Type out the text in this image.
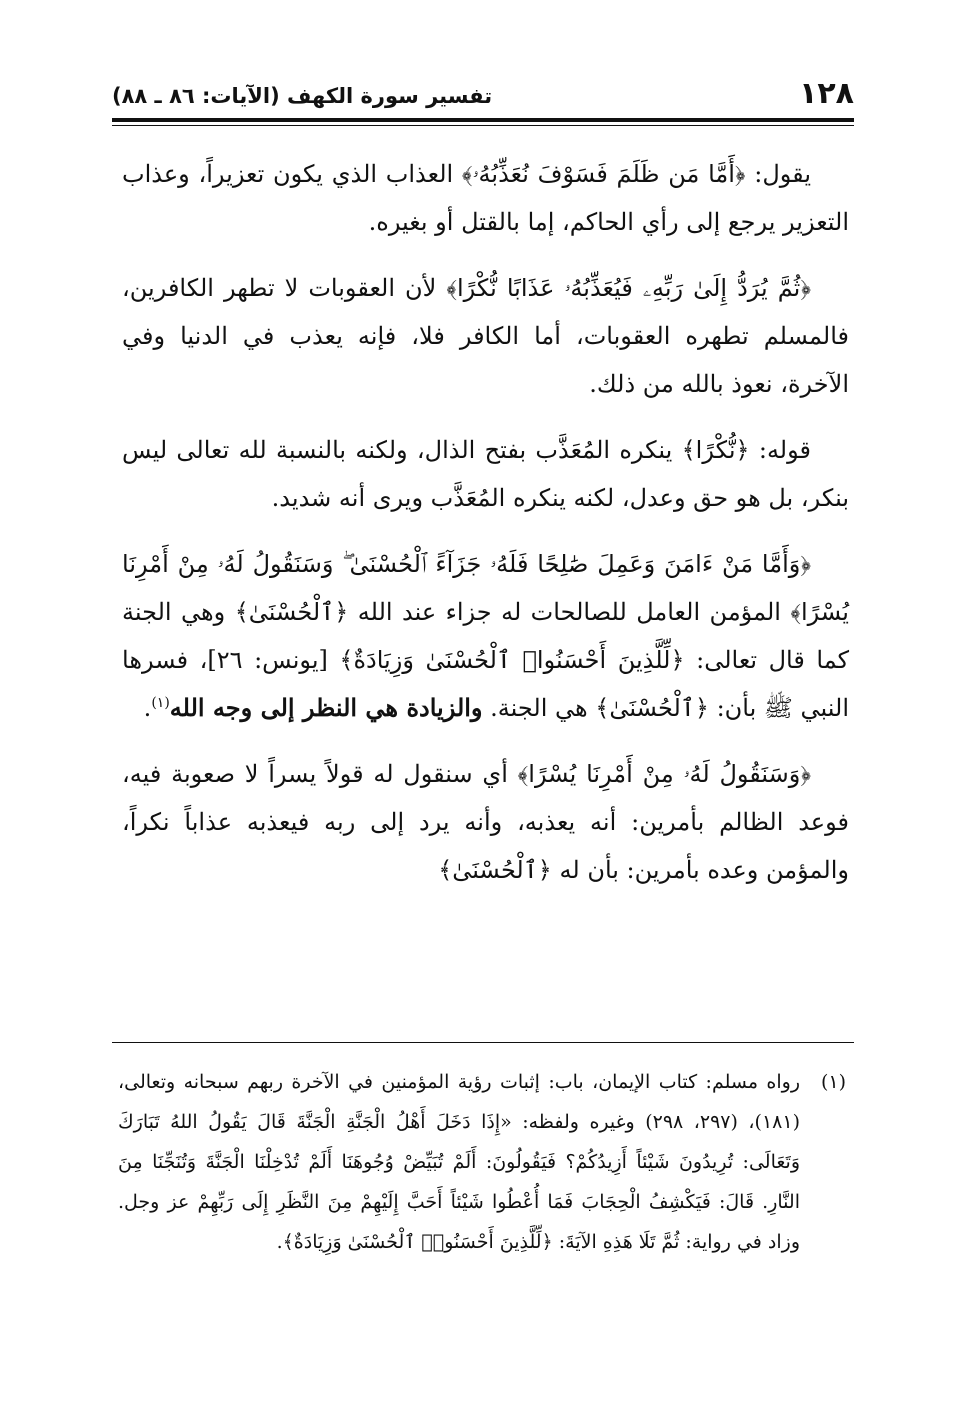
١٢٨
تفسير سورة الكهف (الآيات: ٨٦ ـ ٨٨)

يقول: ﴿أَمَّا مَن ظَلَمَ فَسَوْفَ نُعَذِّبُهُۥ﴾ العذاب الذي يكون تعزيراً، وعذاب التعزير يرجع إلى رأي الحاكم، إما بالقتل أو بغيره.

﴿ثُمَّ يُرَدُّ إِلَىٰ رَبِّهِۦ فَيُعَذِّبُهُۥ عَذَابًا نُّكْرًا﴾ لأن العقوبات لا تطهر الكافرين، فالمسلم تطهره العقوبات، أما الكافر فلا، فإنه يعذب في الدنيا وفي الآخرة، نعوذ بالله من ذلك.

قوله: ﴿نُّكْرًا﴾ ينكره المُعَذَّب بفتح الذال، ولكنه بالنسبة لله تعالى ليس بنكر، بل هو حق وعدل، لكنه ينكره المُعَذَّب ويرى أنه شديد.

﴿وَأَمَّا مَنْ ءَامَنَ وَعَمِلَ صَٰلِحًا فَلَهُۥ جَزَآءً ٱلْحُسْنَىٰ ۖ وَسَنَقُولُ لَهُۥ مِنْ أَمْرِنَا يُسْرًا﴾ المؤمن العامل للصالحات له جزاء عند الله ﴿ٱلْحُسْنَىٰ﴾ وهي الجنة كما قال تعالى: ﴿لِّلَّذِينَ أَحْسَنُوا۟ ٱلْحُسْنَىٰ وَزِيَادَةٌ﴾ [يونس: ٢٦]، فسرها النبي ﷺ بأن: ﴿ٱلْحُسْنَىٰ﴾ هي الجنة. والزيادة هي النظر إلى وجه الله$^{(١)}$.

﴿وَسَنَقُولُ لَهُۥ مِنْ أَمْرِنَا يُسْرًا﴾ أي سنقول له قولاً يسراً لا صعوبة فيه، فوعد الظالم بأمرين: أنه يعذبه، وأنه يرد إلى ربه فيعذبه عذاباً نكراً، والمؤمن وعده بأمرين: بأن له ﴿ٱلْحُسْنَىٰ﴾

(١)رواه مسلم: كتاب الإيمان، باب: إثبات رؤية المؤمنين في الآخرة ربهم سبحانه وتعالى، (١٨١)، (٢٩٧، ٢٩٨) وغيره ولفظه: «إِذَا دَخَلَ أَهْلُ الْجَنَّةِ الْجَنَّةَ قَالَ يَقُولُ اللهُ تَبَارَكَ وَتَعَالَى: تُرِيدُونَ شَيْئاً أَزِيدُكُمْ؟ فَيَقُولُونَ: أَلَمْ تُبَيِّضْ وُجُوهَنَا أَلَمْ تُدْخِلْنَا الْجَنَّةَ وَتُنَجِّنَا مِنَ النَّارِ. قَالَ: فَيَكْشِفُ الْحِجَابَ فَمَا أُعْطُوا شَيْئاً أَحَبَّ إِلَيْهِمْ مِنَ النَّظَرِ إِلَى رَبِّهِمْ عز وجل. وزاد في رواية: ثُمَّ تَلَا هَذِهِ الآيَةَ: ﴿لِّلَّذِينَ أَحْسَنُوا۟ ٱلْحُسْنَىٰ وَزِيَادَةٌ﴾.
